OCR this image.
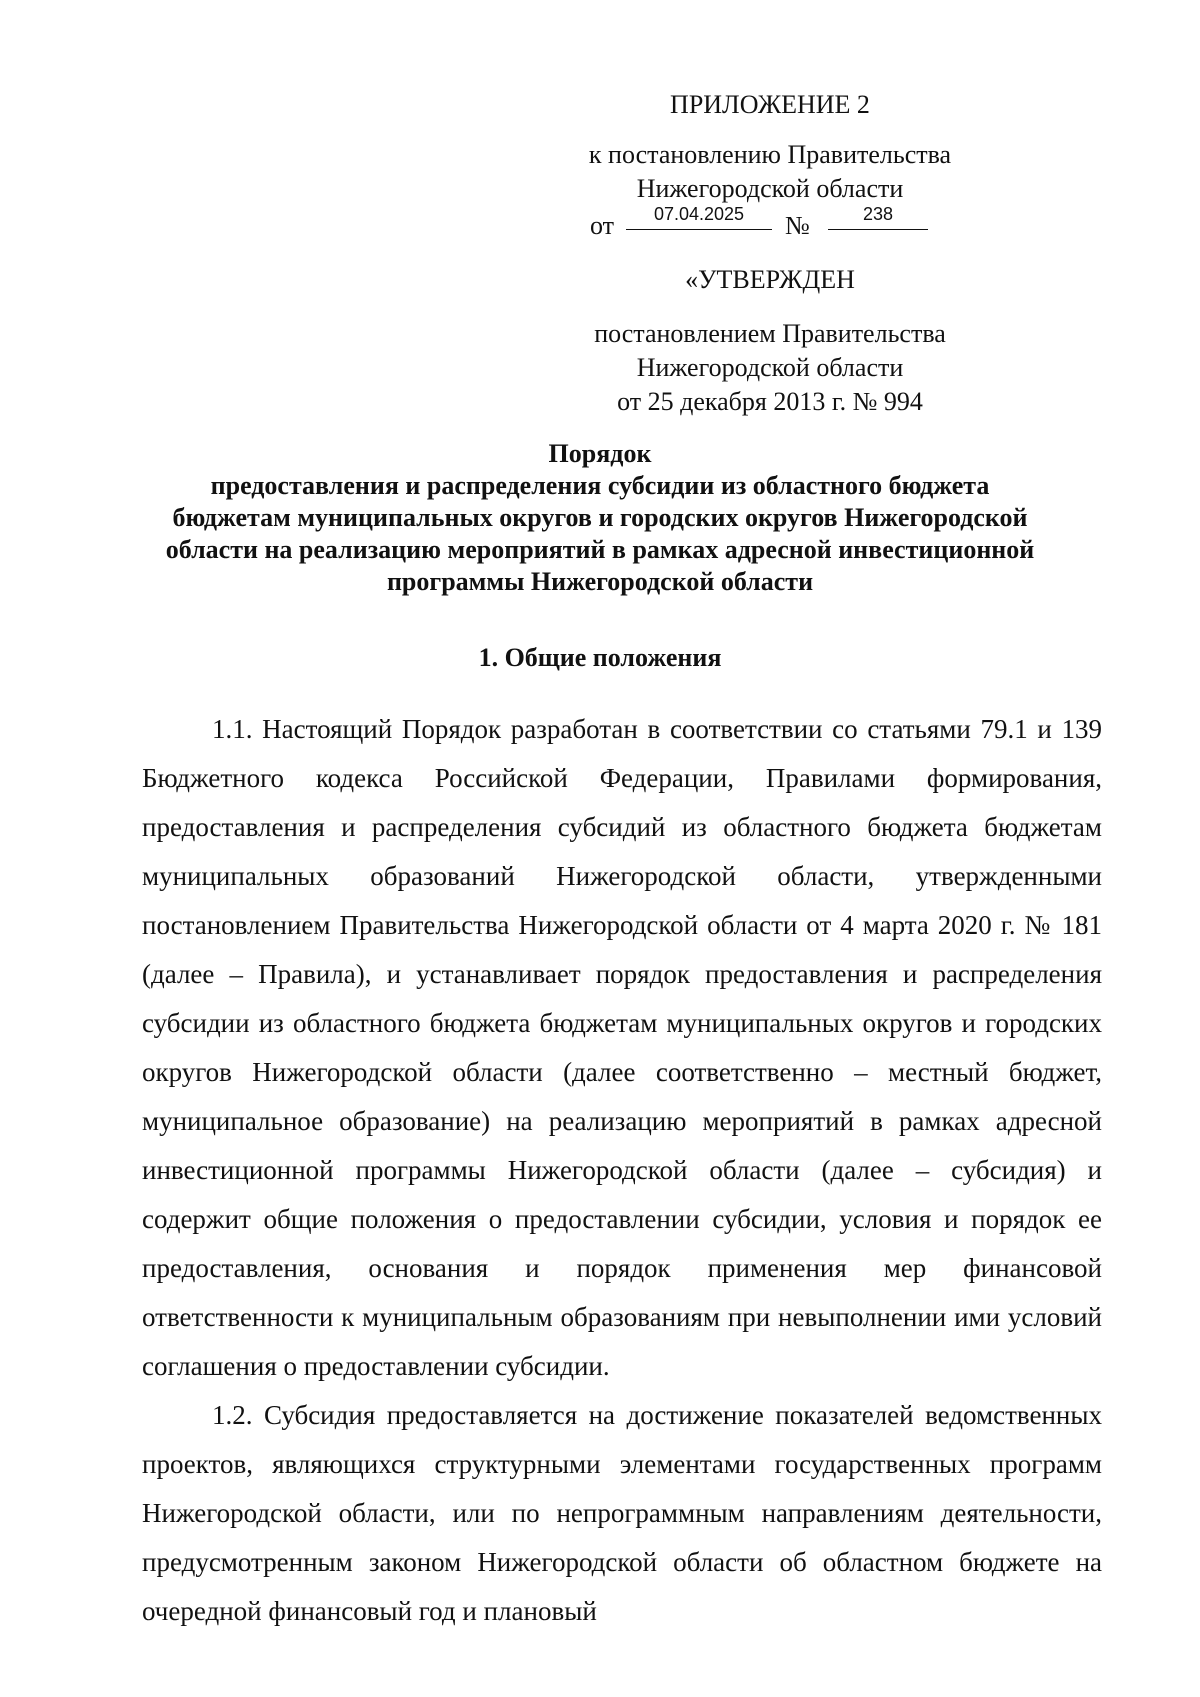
ПРИЛОЖЕНИЕ 2

к постановлению Правительства
Нижегородской области

от	07.04.2025	№	238

«УТВЕРЖДЕН

постановлением Правительства
Нижегородской области
от 25 декабря 2013 г. № 994

Порядок
предоставления и распределения субсидии из областного бюджета
бюджетам муниципальных округов и городских округов Нижегородской
области на реализацию мероприятий в рамках адресной инвестиционной
программы Нижегородской области
1. Общие положения

1.1. Настоящий Порядок разработан в соответствии со статьями 79.1 и 139 Бюджетного кодекса Российской Федерации, Правилами формирования, предоставления и распределения субсидий из областного бюджета бюджетам муниципальных образований Нижегородской области, утвержденными постановлением Правительства Нижегородской области от 4 марта 2020 г. № 181 (далее – Правила), и устанавливает порядок предоставления и распределения субсидии из областного бюджета бюджетам муниципальных округов и городских округов Нижегородской области (далее соответственно – местный бюджет, муниципальное образование) на реализацию мероприятий в рамках адресной инвестиционной программы Нижегородской области (далее – субсидия) и содержит общие положения о предоставлении субсидии, условия и порядок ее предоставления, основания и порядок применения мер финансовой ответственности к муниципальным образованиям при невыполнении ими условий соглашения о предоставлении субсидии.

1.2. Субсидия предоставляется на достижение показателей ведомственных проектов, являющихся структурными элементами государственных программ Нижегородской области, или по непрограммным направлениям деятельности, предусмотренным законом Нижегородской области об областном бюджете на очередной финансовый год и плановый
